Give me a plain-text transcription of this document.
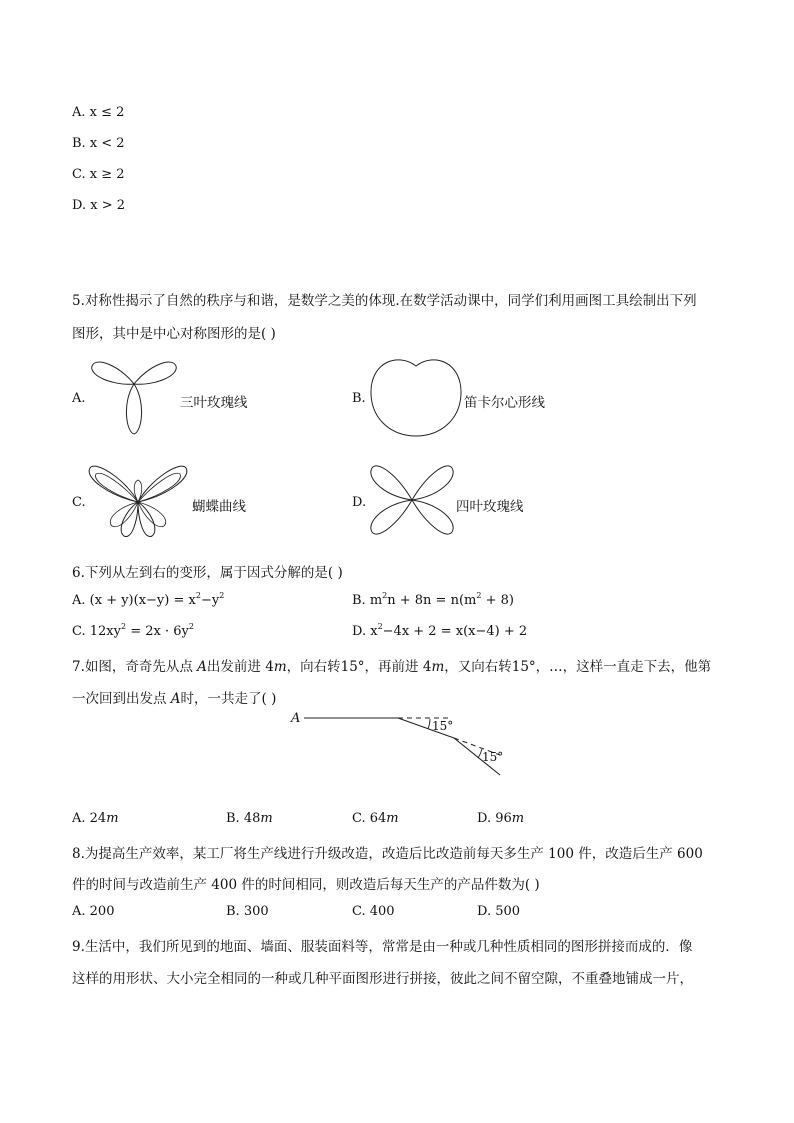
A. x ≤ 2
B. x < 2
C. x ≥ 2
D. x > 2
5.对称性揭示了自然的秩序与和谐，是数学之美的体现.在数学活动课中，同学们利用画图工具绘制出下列
图形，其中是中心对称图形的是( )
A.	三叶玫瑰线	B.	笛卡尔心形线
C.	蝴蝶曲线	D.	四叶玫瑰线
6.下列从左到右的变形，属于因式分解的是( )
A. $(x + y)(x-y) = x^2-y^2$	B. $m^2n + 8n = n(m^2 + 8)$
C. $12xy^2 = 2x \cdot 6y^2$	D. $x^2-4x + 2 = x(x-4) + 2$
7.如图，奇奇先从点 A出发前进 4m，向右转15°，再前进 4m，又向右转15°，…，这样一直走下去，他第
一次回到出发点 A时，一共走了( )
A	15°
15°
A. 24m	B. 48m	C. 64m	D. 96m
8.为提高生产效率，某工厂将生产线进行升级改造，改造后比改造前每天多生产 100 件，改造后生产 600
件的时间与改造前生产 400 件的时间相同，则改造后每天生产的产品件数为( )
A. 200	B. 300	C. 400	D. 500
9.生活中，我们所见到的地面、墙面、服装面料等，常常是由一种或几种性质相同的图形拼接而成的．像
这样的用形状、大小完全相同的一种或几种平面图形进行拼接，彼此之间不留空隙，不重叠地铺成一片，
